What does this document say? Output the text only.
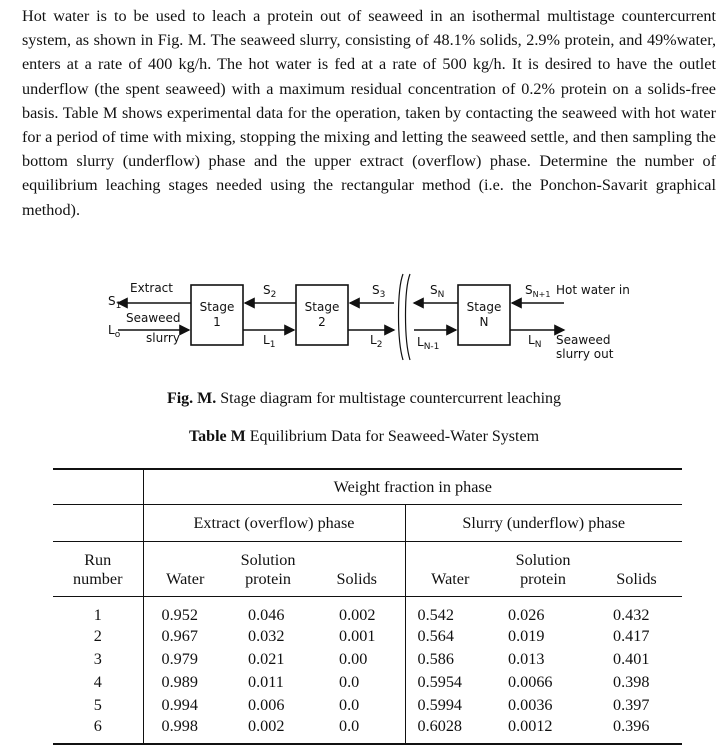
Hot water is to be used to leach a protein out of seaweed in an isothermal multistage countercurrent system, as shown in Fig. M. The seaweed slurry, consisting of 48.1% solids, 2.9% protein, and 49%water, enters at a rate of 400 kg/h. The hot water is fed at a rate of 500 kg/h. It is desired to have the outlet underflow (the spent seaweed) with a maximum residual concentration of 0.2% protein on a solids-free basis. Table M shows experimental data for the operation, taken by contacting the seaweed with hot water for a period of time with mixing, stopping the mixing and letting the seaweed settle, and then sampling the bottom slurry (underflow) phase and the upper extract (overflow) phase. Determine the number of equilibrium leaching stages needed using the rectangular method (i.e. the Ponchon-Savarit graphical method).

Extract
$S_1$
Seaweed
$L_o$ slurry
Stage
1
Stage
2
Stage
N
$S_2$	$S_3$	$S_N$	$S_{N+1}$ Hot water in
$L_1$	$L_2$	$L_{N-1}$	$L_N$ Seaweed
slurry out
Fig. M. Stage diagram for multistage countercurrent leaching
Table M Equilibrium Data for Seaweed-Water System
	Weight fraction in phase					
	Extract (overflow) phase			Slurry (underflow) phase		
Run		Solution			Solution	
number	Water	protein	Solids	Water	protein	Solids
1	0.952	0.046	0.002	0.542	0.026	0.432
2	0.967	0.032	0.001	0.564	0.019	0.417
3	0.979	0.021	0.00	0.586	0.013	0.401
4	0.989	0.011	0.0	0.5954	0.0066	0.398
5	0.994	0.006	0.0	0.5994	0.0036	0.397
6	0.998	0.002	0.0	0.6028	0.0012	0.396
